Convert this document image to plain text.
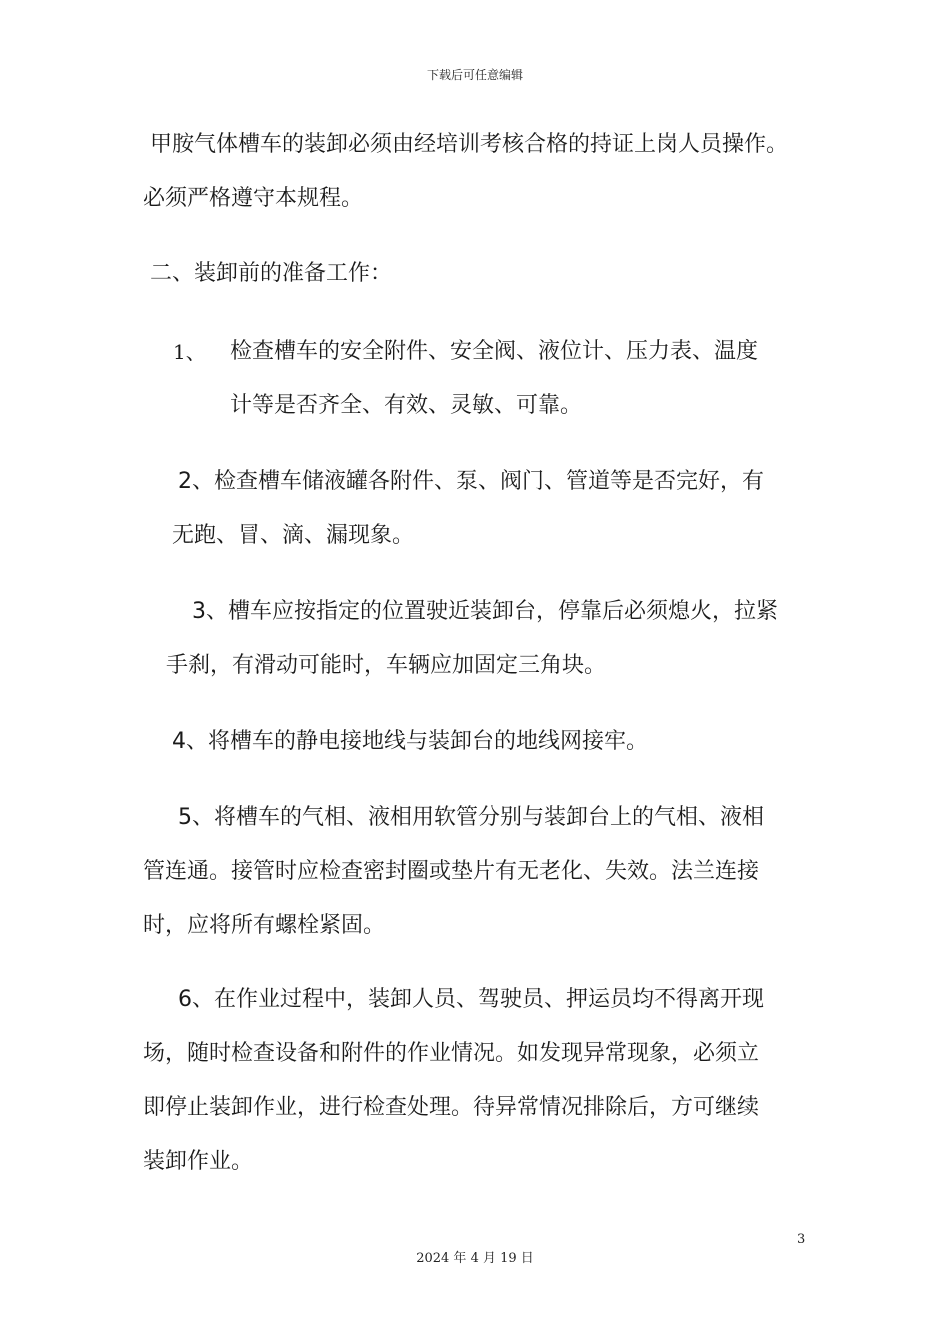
下载后可任意编辑

甲胺气体槽车的装卸必须由经培训考核合格的持证上岗人员操作。

必须严格遵守本规程。

二、装卸前的准备工作：

1、 检查槽车的安全附件、安全阀、液位计、压力表、温度

计等是否齐全、有效、灵敏、可靠。

2、检查槽车储液罐各附件、泵、阀门、管道等是否完好，有

无跑、冒、滴、漏现象。

3、槽车应按指定的位置驶近装卸台，停靠后必须熄火，拉紧

手刹，有滑动可能时，车辆应加固定三角块。

4、将槽车的静电接地线与装卸台的地线网接牢。

5、将槽车的气相、液相用软管分别与装卸台上的气相、液相

管连通。接管时应检查密封圈或垫片有无老化、失效。法兰连接

时，应将所有螺栓紧固。

6、在作业过程中，装卸人员、驾驶员、押运员均不得离开现

场，随时检查设备和附件的作业情况。如发现异常现象，必须立

即停止装卸作业，进行检查处理。待异常情况排除后，方可继续

装卸作业。

3
2024 年 4 月 19 日
